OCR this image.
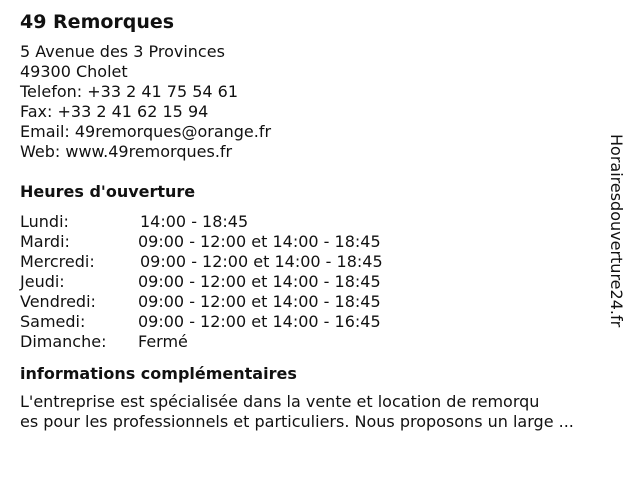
49 Remorques
5 Avenue des 3 Provinces
49300 Cholet
Telefon: +33 2 41 75 54 61
Fax: +33 2 41 62 15 94
Email: 49remorques@orange.fr
Web: www.49remorques.fr
Heures d'ouverture
Lundi:	14:00 - 18:45
Mardi:	09:00 - 12:00 et 14:00 - 18:45
Mercredi:	09:00 - 12:00 et 14:00 - 18:45
Jeudi:	09:00 - 12:00 et 14:00 - 18:45
Vendredi:	09:00 - 12:00 et 14:00 - 18:45
Samedi:	09:00 - 12:00 et 14:00 - 16:45
Dimanche:	Fermé
informations complémentaires
L'entreprise est spécialisée dans la vente et location de remorqu
es pour les professionnels et particuliers. Nous proposons un large ...
Horairesdouverture24.fr
